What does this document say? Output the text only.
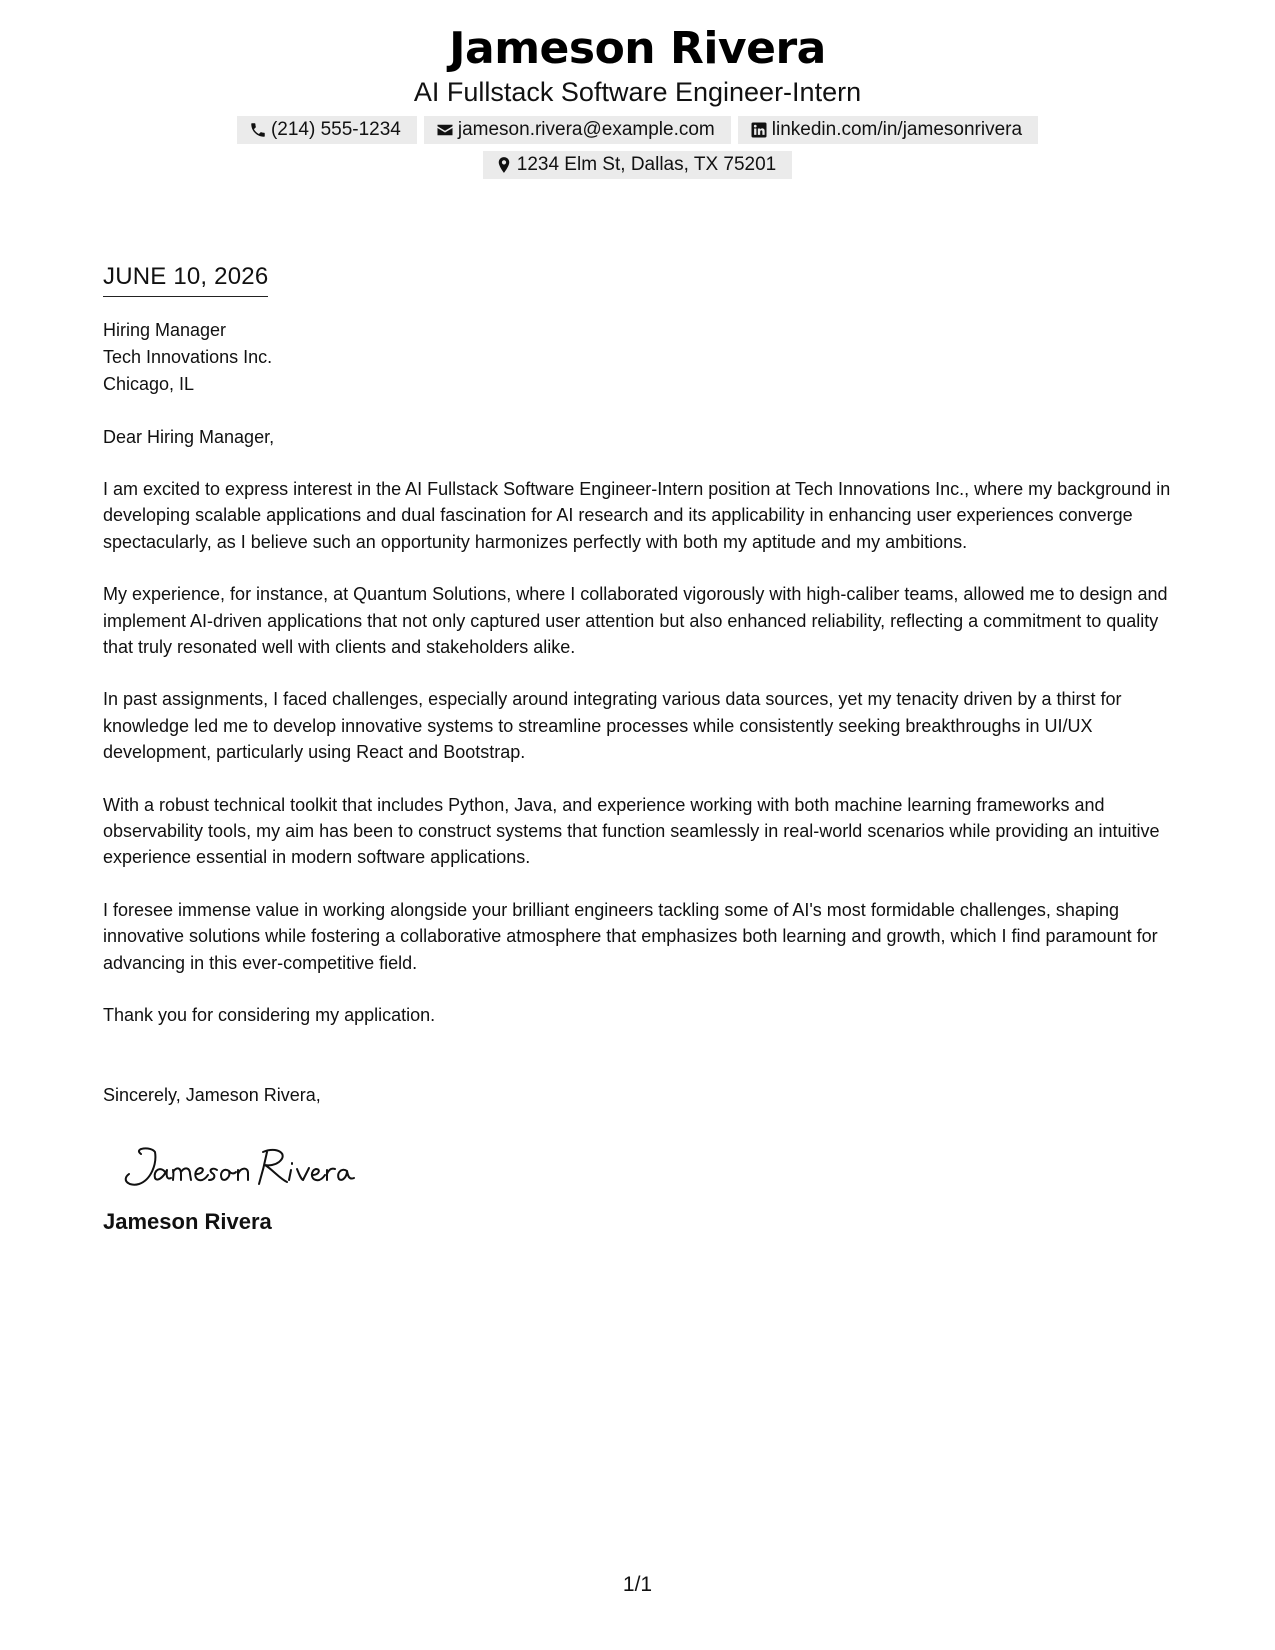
Jameson Rivera
AI Fullstack Software Engineer-Intern
(214) 555-1234	jameson.rivera@example.com	linkedin.com/in/jamesonrivera
1234 Elm St, Dallas, TX 75201
JUNE 10, 2026
Hiring Manager
Tech Innovations Inc.
Chicago, IL
Dear Hiring Manager,
I am excited to express interest in the AI Fullstack Software Engineer-Intern position at Tech Innovations Inc., where my background in developing scalable applications and dual fascination for AI research and its applicability in enhancing user experiences converge spectacularly, as I believe such an opportunity harmonizes perfectly with both my aptitude and my ambitions.
My experience, for instance, at Quantum Solutions, where I collaborated vigorously with high-caliber teams, allowed me to design and implement AI-driven applications that not only captured user attention but also enhanced reliability, reflecting a commitment to quality that truly resonated well with clients and stakeholders alike.
In past assignments, I faced challenges, especially around integrating various data sources, yet my tenacity driven by a thirst for knowledge led me to develop innovative systems to streamline processes while consistently seeking breakthroughs in UI/UX development, particularly using React and Bootstrap.
With a robust technical toolkit that includes Python, Java, and experience working with both machine learning frameworks and observability tools, my aim has been to construct systems that function seamlessly in real-world scenarios while providing an intuitive experience essential in modern software applications.
I foresee immense value in working alongside your brilliant engineers tackling some of AI's most formidable challenges, shaping innovative solutions while fostering a collaborative atmosphere that emphasizes both learning and growth, which I find paramount for advancing in this ever-competitive field.
Thank you for considering my application.
Sincerely, Jameson Rivera,
Jameson Rivera
1/1
